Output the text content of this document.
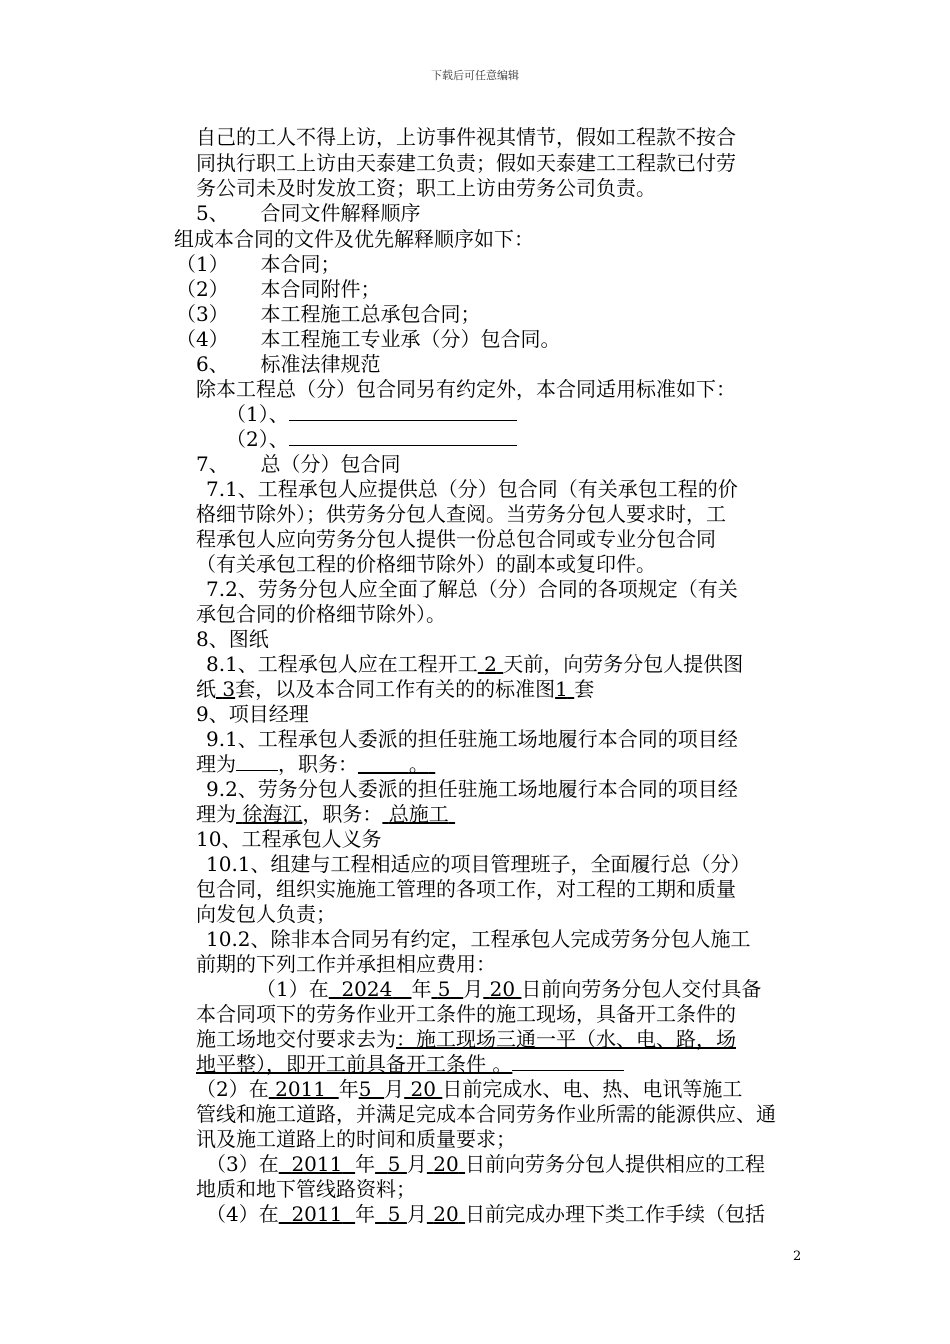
下载后可任意编辑
自己的工人不得上访，上访事件视其情节，假如工程款不按合
同执行职工上访由天泰建工负责；假如天泰建工工程款已付劳
务公司未及时发放工资；职工上访由劳务公司负责。
5、     合同文件解释顺序
组成本合同的文件及优先解释顺序如下：
（1）     本合同；
（2）     本合同附件；
（3）     本工程施工总承包合同；
（4）     本工程施工专业承（分）包合同。
6、     标准法律规范
除本工程总（分）包合同另有约定外，本合同适用标准如下：
（1）、
（2）、
7、     总（分）包合同
7.1、工程承包人应提供总（分）包合同（有关承包工程的价
格细节除外）；供劳务分包人查阅。当劳务分包人要求时，工
程承包人应向劳务分包人提供一份总包合同或专业分包合同
（有关承包工程的价格细节除外）的副本或复印件。
7.2、劳务分包人应全面了解总（分）合同的各项规定（有关
承包合同的价格细节除外）。
8、图纸
8.1、工程承包人应在工程开工 2 天前，向劳务分包人提供图
纸 3套，以及本合同工作有关的的标准图1 套
9、项目经理
9.1、工程承包人委派的担任驻施工场地履行本合同的项目经
理为 ，职务：	。
9.2、劳务分包人委派的担任驻施工场地履行本合同的项目经
理为 徐海江，职务： 总施工
10、工程承包人义务
10.1、组建与工程相适应的项目管理班子，全面履行总（分）
包合同，组织实施施工管理的各项工作，对工程的工期和质量
向发包人负责；
10.2、除非本合同另有约定，工程承包人完成劳务分包人施工
前期的下列工作并承担相应费用：
（1）在 2024 年 5 月 20 日前向劳务分包人交付具备
本合同项下的劳务作业开工条件的施工现场，具备开工条件的
施工场地交付要求去为：施工现场三通一平（水、电、路，场
地平整），即开工前具备开工条件 。
（2）在 2011 年5 月 20 日前完成水、电、热、电讯等施工
管线和施工道路，并满足完成本合同劳务作业所需的能源供应、通
讯及施工道路上的时间和质量要求；
（3）在 2011 年 5 月 20 日前向劳务分包人提供相应的工程
地质和地下管线路资料；
（4）在 2011 年 5 月 20 日前完成办理下类工作手续（包括
2
